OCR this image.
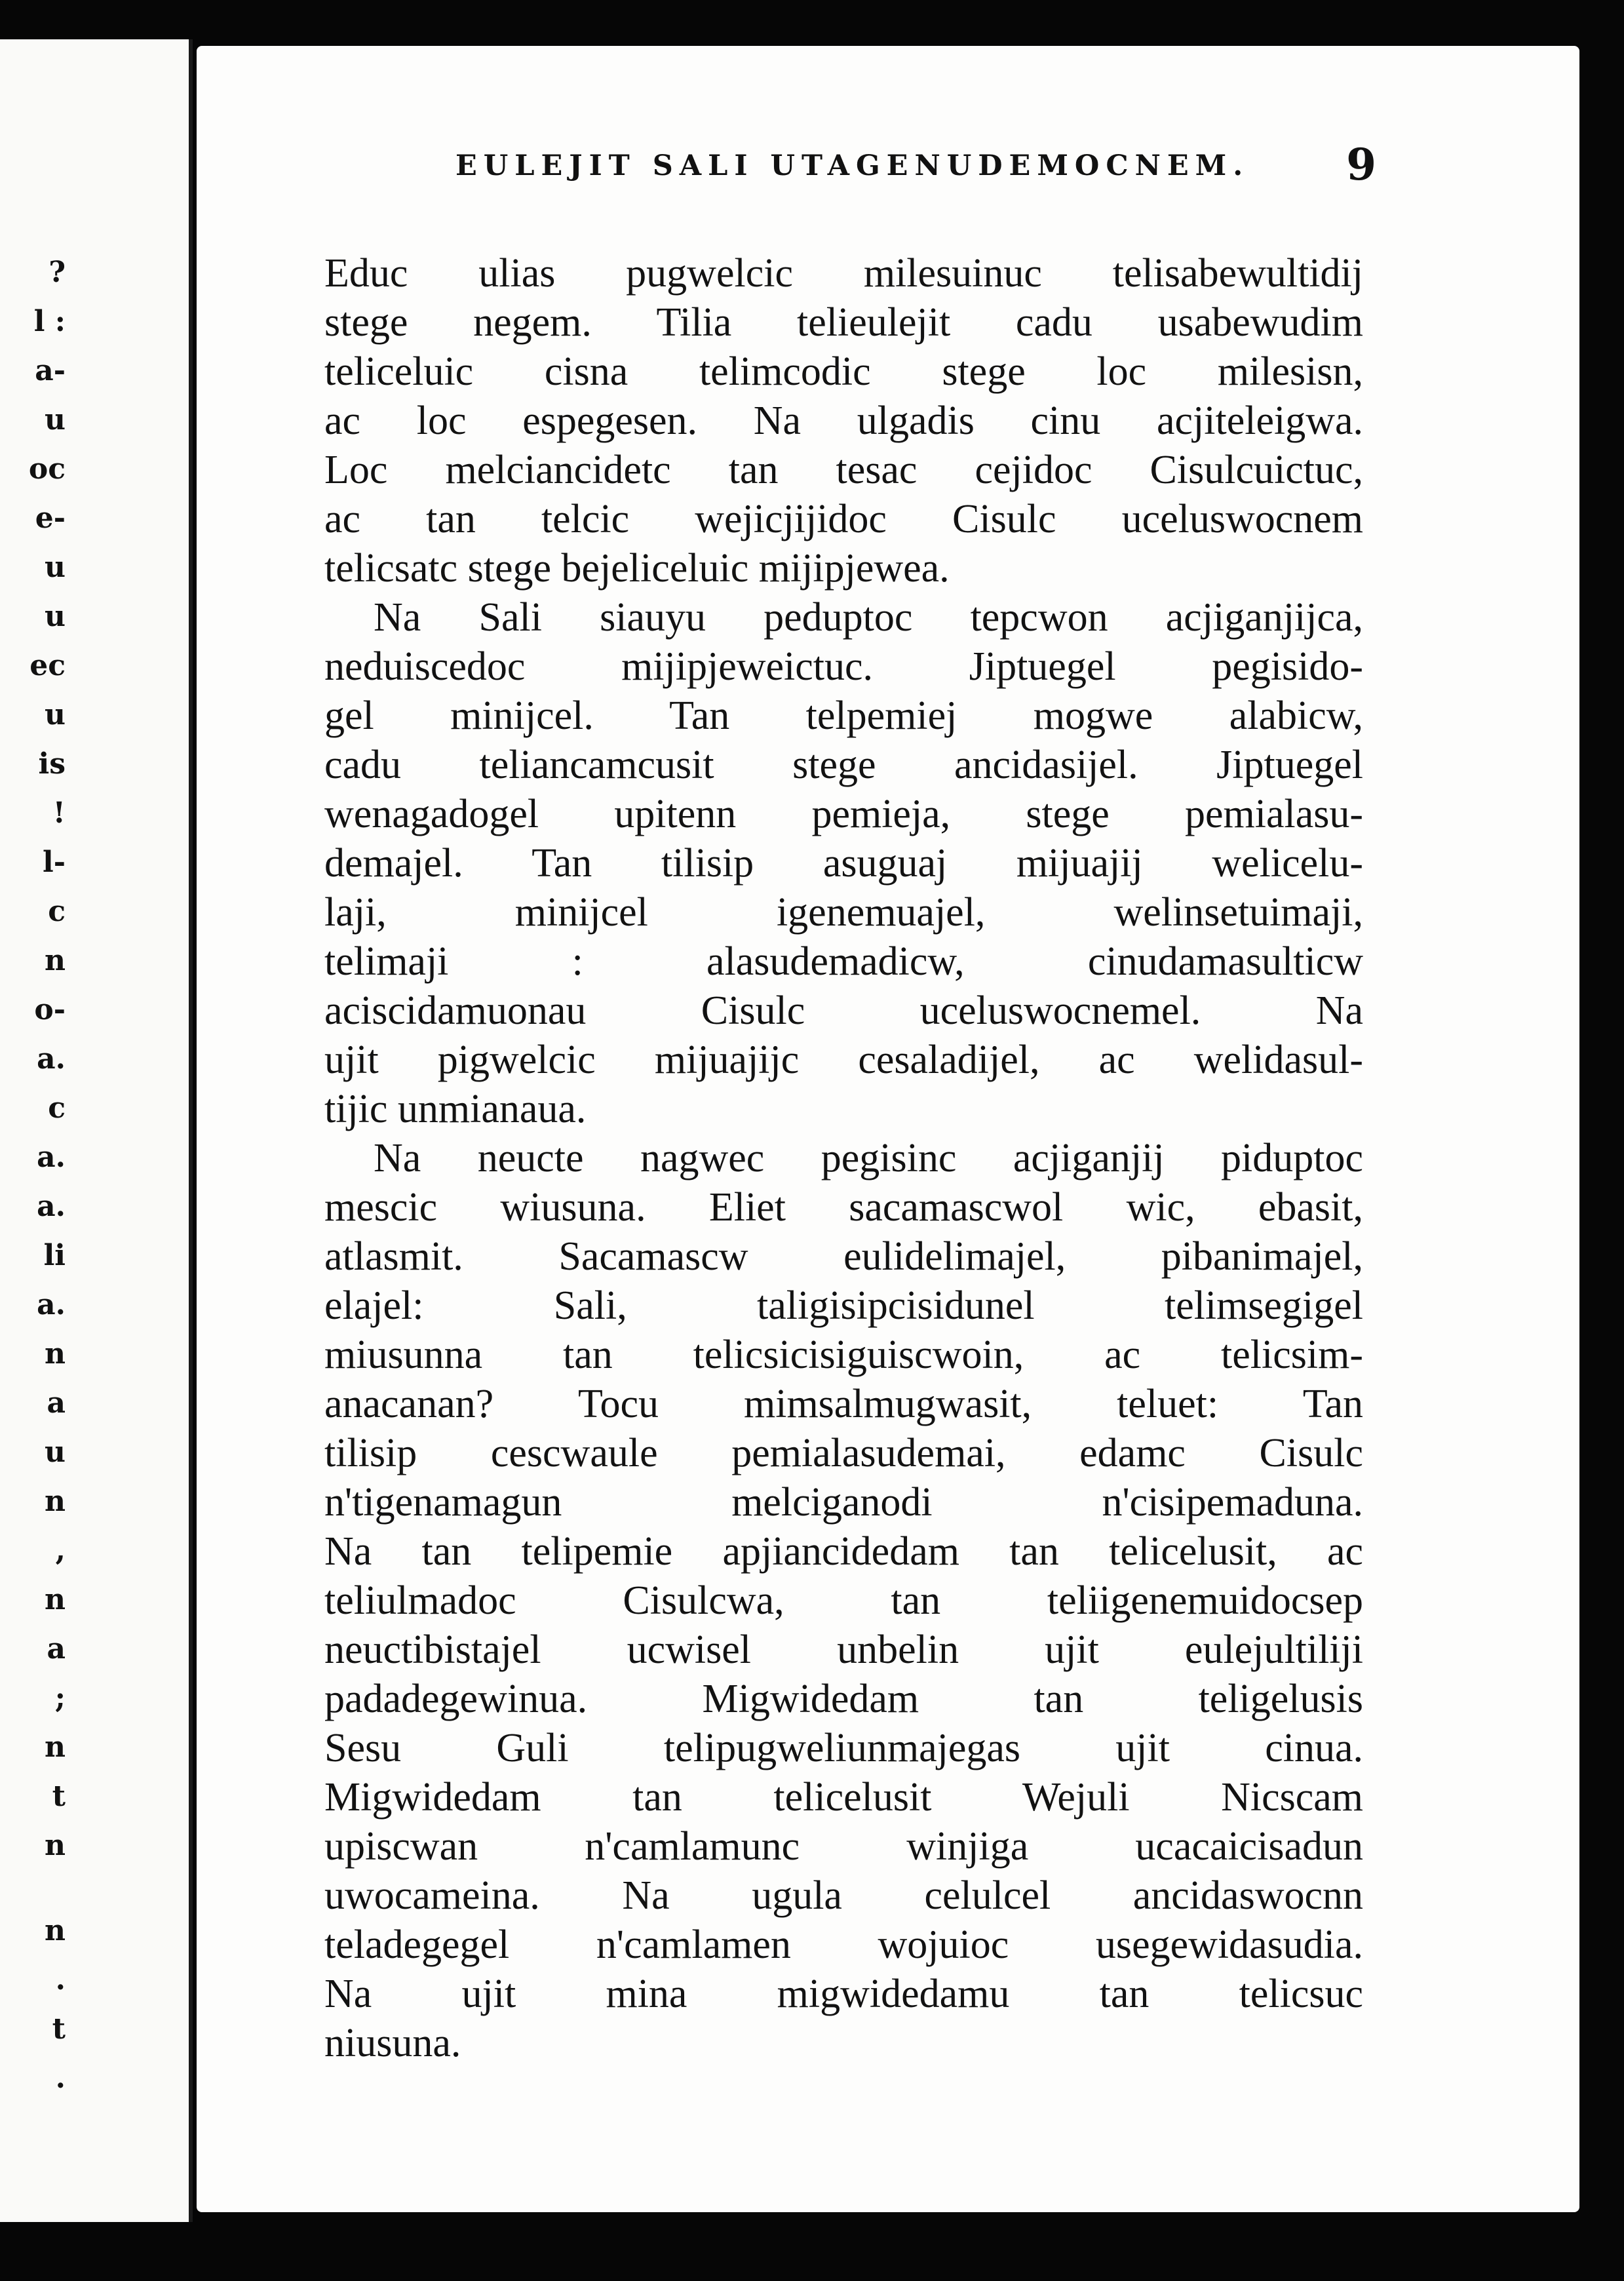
?
l :
a-
u
oc
e-
u
u
ec
u
is
!
l-
c
n
o-
a.
c
a.
a.
li
a.
n
a
u
n
,
n
a
;
n
t
n
n
.
t
.
EULEJIT SALI UTAGENUDEMOCNEM. 9
Educ ulias pugwelcic milesuinuc telisabewultidij
stege negem. Tilia telieulejit cadu usabewudim
teliceluic cisna telimcodic stege loc milesisn,
ac loc espegesen. Na ulgadis cinu acjiteleigwa.
Loc melciancidetc tan tesac cejidoc Cisulcuictuc,
ac tan telcic wejicjijidoc Cisulc uceluswocnem
telicsatc stege bejeliceluic mijipjewea.
Na Sali siauyu peduptoc tepcwon acjiganjijca,
neduiscedoc mijipjeweictuc. Jiptuegel pegisido-
gel minijcel. Tan telpemiej mogwe alabicw,
cadu teliancamcusit stege ancidasijel. Jiptuegel
wenagadogel upitenn pemieja, stege pemialasu-
demajel. Tan tilisip asuguaj mijuajij welicelu-
laji, minijcel igenemuajel, welinsetuimaji,
telimaji : alasudemadicw, cinudamasulticw
aciscidamuonau Cisulc uceluswocnemel. Na
ujit pigwelcic mijuajijc cesaladijel, ac welidasul-
tijic unmianaua.
Na neucte nagwec pegisinc acjiganjij piduptoc
mescic wiusuna. Eliet sacamascwol wic, ebasit,
atlasmit. Sacamascw eulidelimajel, pibanimajel,
elajel: Sali, taligisipcisidunel telimsegigel
miusunna tan telicsicisiguiscwoin, ac telicsim-
anacanan? Tocu mimsalmugwasit, teluet: Tan
tilisip cescwaule pemialasudemai, edamc Cisulc
n'tigenamagun melciganodi n'cisipemaduna.
Na tan telipemie apjiancidedam tan telicelusit, ac
teliulmadoc Cisulcwa, tan teliigenemuidocsep
neuctibistajel ucwisel unbelin ujit eulejultiliji
padadegewinua. Migwidedam tan teligelusis
Sesu Guli telipugweliunmajegas ujit cinua.
Migwidedam tan telicelusit Wejuli Nicscam
upiscwan n'camlamunc winjiga ucacaicisadun
uwocameina. Na ugula celulcel ancidaswocnn
teladegegel n'camlamen wojuioc usegewidasudia.
Na ujit mina migwidedamu tan telicsuc
niusuna.
